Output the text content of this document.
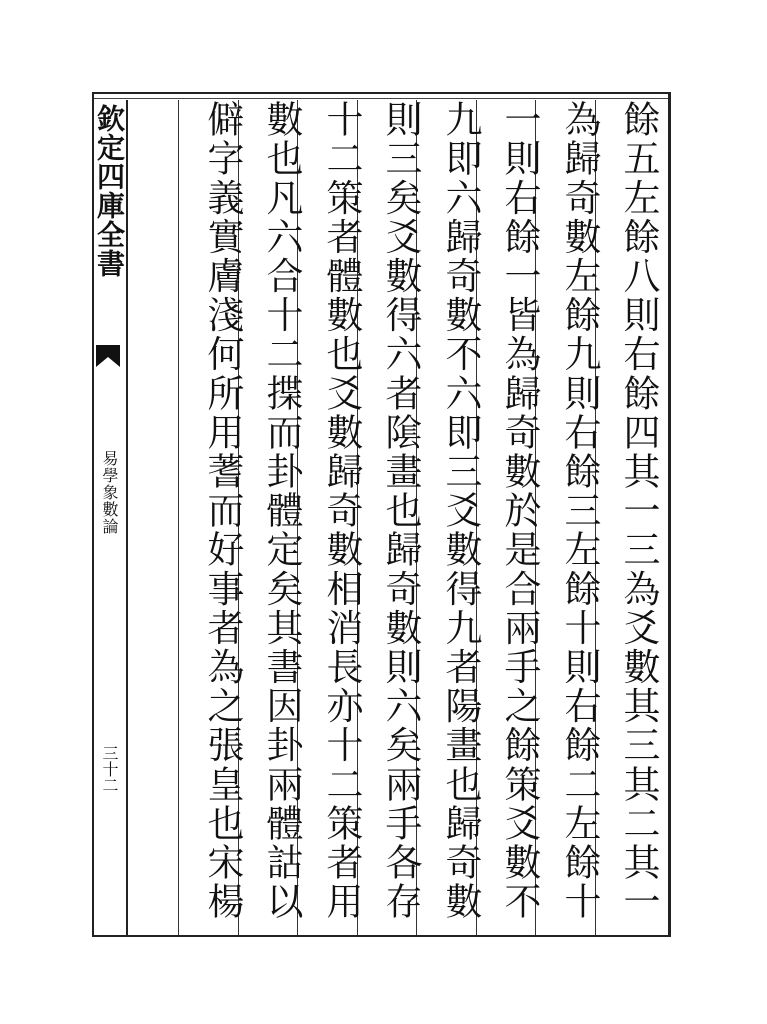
欽定四庫全書
易學象數論
三十二	餘五左餘八則右餘四其一三為爻數其三其二其一
為歸奇數左餘九則右餘三左餘十則右餘二左餘十
一則右餘一皆為歸奇數於是合兩手之餘策爻數不
九即六歸奇數不六即三爻數得九者陽畫也歸奇數
則三矣爻數得六者隂畫也歸奇數則六矣兩手各存
十二策者體數也爻數歸奇數相消長亦十二策者用
數也凡六合十二揲而卦體定矣其書因卦兩體詁以
僻字義實膚淺何所用蓍而好事者為之張皇也宋楊
